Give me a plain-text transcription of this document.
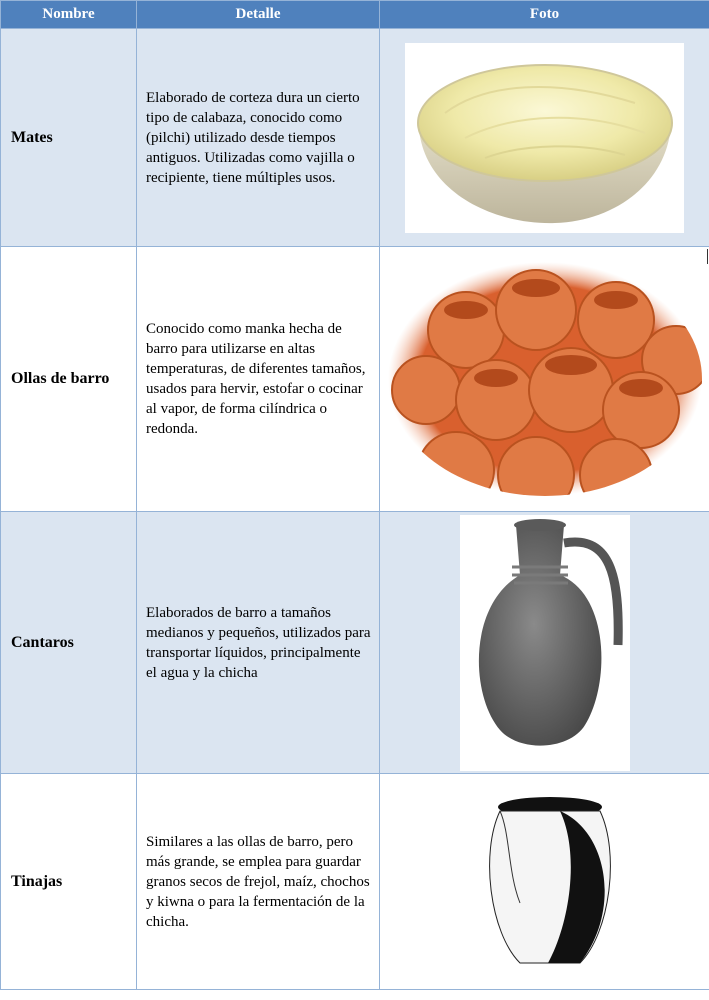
Nombre	Detalle	Foto
Mates	Elaborado de corteza dura un cierto tipo de calabaza, conocido como (pilchi) utilizado desde tiempos antiguos. Utilizadas como vajilla o recipiente, tiene múltiples usos.	

Ollas de barro	Conocido como manka hecha de barro para utilizarse en altas temperaturas, de diferentes tamaños, usados para hervir, estofar o cocinar al vapor, de forma cilíndrica o redonda.	

Cantaros	Elaborados de barro a tamaños medianos y pequeños, utilizados para transportar líquidos, principalmente el agua y la chicha	

Tinajas	Similares a las ollas de barro, pero más grande, se emplea para guardar granos secos de frejol, maíz, chochos y kiwna o para la fermentación de la chicha.	
